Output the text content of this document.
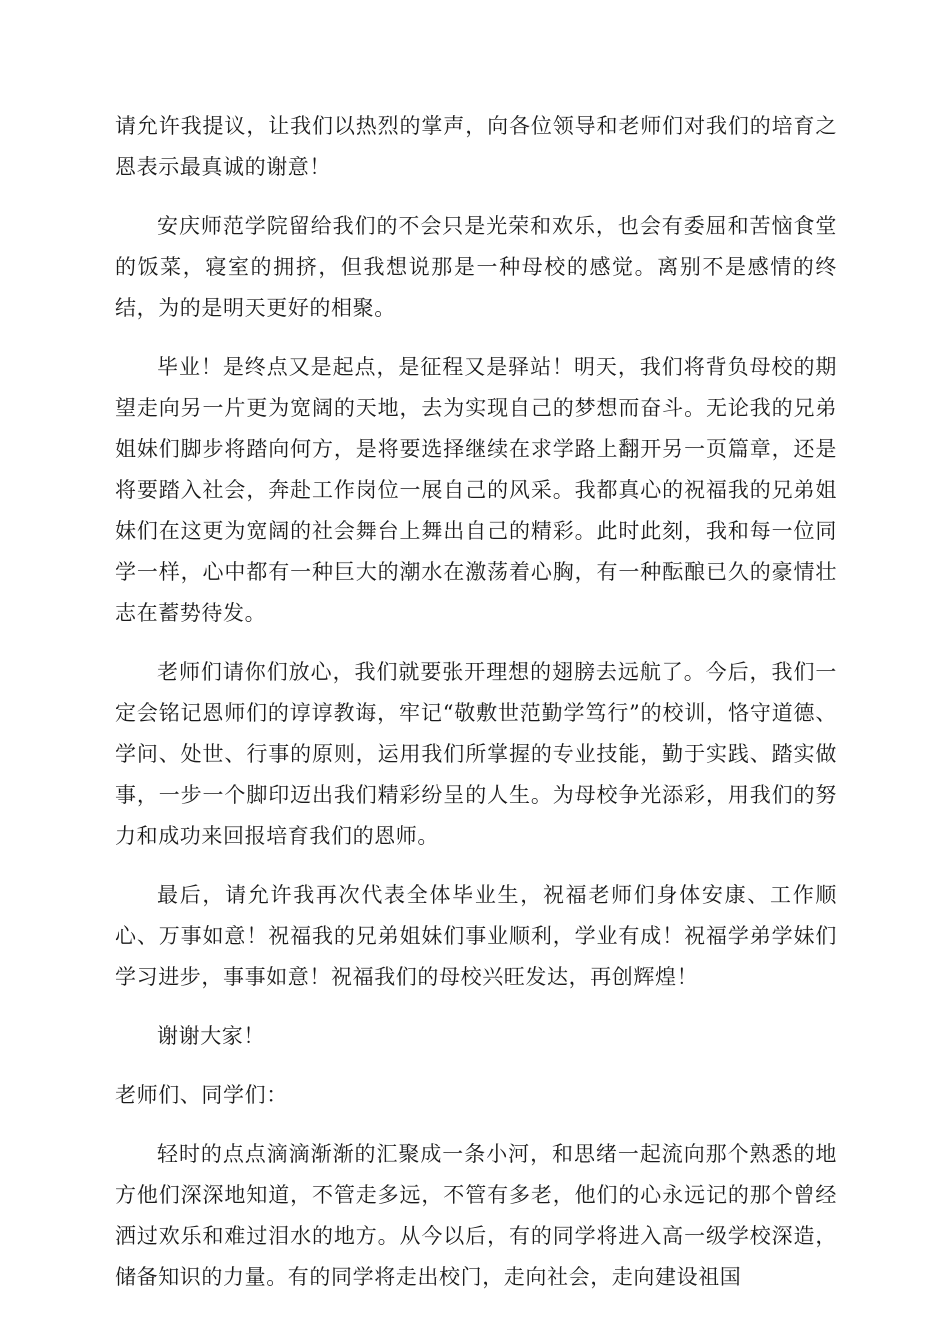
请允许我提议，让我们以热烈的掌声，向各位领导和老师们对我们的培育之恩表示最真诚的谢意！

安庆师范学院留给我们的不会只是光荣和欢乐，也会有委屈和苦恼食堂的饭菜，寝室的拥挤，但我想说那是一种母校的感觉。离别不是感情的终结，为的是明天更好的相聚。

毕业！是终点又是起点，是征程又是驿站！明天，我们将背负母校的期望走向另一片更为宽阔的天地，去为实现自己的梦想而奋斗。无论我的兄弟姐妹们脚步将踏向何方，是将要选择继续在求学路上翻开另一页篇章，还是将要踏入社会，奔赴工作岗位一展自己的风采。我都真心的祝福我的兄弟姐妹们在这更为宽阔的社会舞台上舞出自己的精彩。此时此刻，我和每一位同学一样，心中都有一种巨大的潮水在激荡着心胸，有一种酝酿已久的豪情壮志在蓄势待发。

老师们请你们放心，我们就要张开理想的翅膀去远航了。今后，我们一定会铭记恩师们的谆谆教诲，牢记“敬敷世范勤学笃行”的校训，恪守道德、学问、处世、行事的原则，运用我们所掌握的专业技能，勤于实践、踏实做事，一步一个脚印迈出我们精彩纷呈的人生。为母校争光添彩，用我们的努力和成功来回报培育我们的恩师。

最后，请允许我再次代表全体毕业生，祝福老师们身体安康、工作顺心、万事如意！祝福我的兄弟姐妹们事业顺利，学业有成！祝福学弟学妹们学习进步，事事如意！祝福我们的母校兴旺发达，再创辉煌！

谢谢大家！

老师们、同学们：

轻时的点点滴滴渐渐的汇聚成一条小河，和思绪一起流向那个熟悉的地方他们深深地知道，不管走多远，不管有多老，他们的心永远记的那个曾经洒过欢乐和难过泪水的地方。从今以后，有的同学将进入高一级学校深造，储备知识的力量。有的同学将走出校门，走向社会，走向建设祖国
